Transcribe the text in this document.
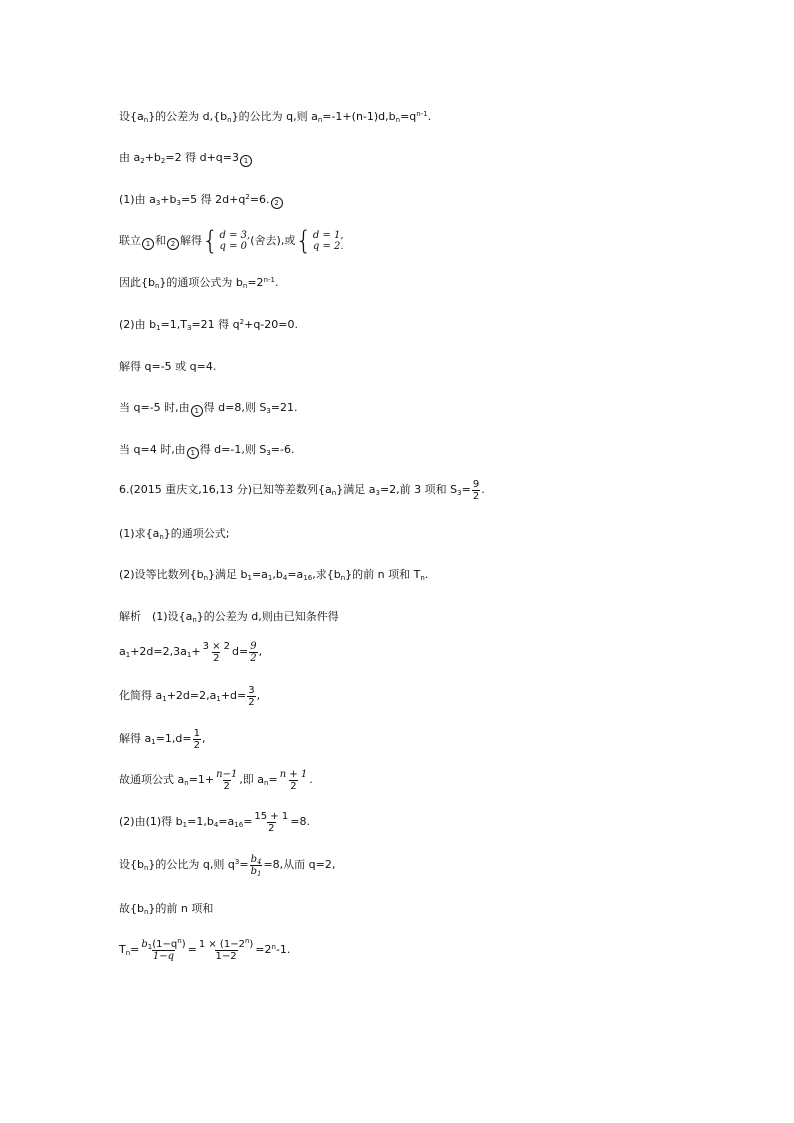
设$\{a_n\}$的公差为 $d,\{b_n\}$的公比为 q,则 $a_n=-1+(n-1)d,b_n=q^{n-1}$.
由 $a_2+b_2=2$ 得 d+q=3 1
(1)由 $a_3+b_3=5$ 得 $2d+q^2=6$. 2
联立 1 和 2 解得 { d = 3,
q = 0 (舍去),或 { d = 1,
q = 2.
因此$\{b_n\}$的通项公式为 $b_n=2^{n-1}$.
(2)由 $b_1=1,T_3=21$ 得 $q^2+q-20=0$.
解得 q=-5 或 q=4.
当 q=-5 时,由 1 得 d=8,则 $S_3=21$.
当 q=4 时,由 1 得 d=-1,则 $S_3=-6$.
6.(2015 重庆文,16,13 分)已知等差数列$\{a_n\}$满足 $a_3=2$,前 3 项和 $S_3= \frac{9}{2}$ .
(1)求$\{a_n\}$的通项公式;
(2)设等比数列$\{b_n\}$满足 $b_1=a_1,b_4=a_{16}$,求$\{b_n\}$的前 n 项和 $T_n$.
解析　(1)设$\{a_n\}$的公差为 d,则由已知条件得
$a_1+2d=2,3a_1+ \frac{3 \times 2}{2} d= \frac{9}{2}$ ,
化简得 $a_1+2d=2,a_1+d= \frac{3}{2}$ ,
解得 $a_1=1,d= \frac{1}{2}$ ,
故通项公式 $a_n=1+ \frac{n-1}{2}$ ,即 $a_n= \frac{n + 1}{2}$ .
(2)由(1)得 $b_1=1,b_4=a_{16}= \frac{15 + 1}{2} =8$.
设$\{b_n\}$的公比为 q,则 $q^3= \frac{b_4}{b_1} =8$,从而 q=2,
故$\{b_n\}$的前 n 项和
$T_n= \frac{b_1(1-q^n)}{1-q} = \frac{1 \times (1-2^n)}{1-2} =2^n-1$.
